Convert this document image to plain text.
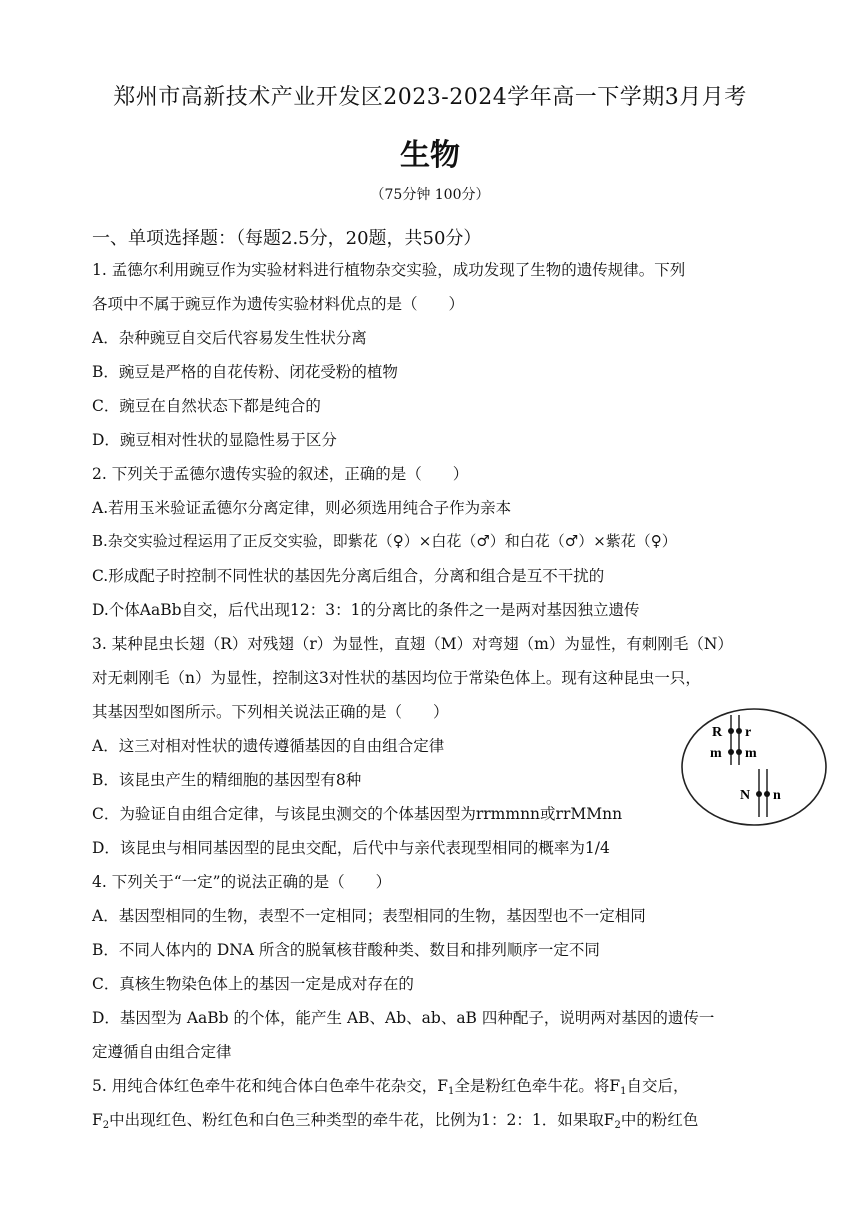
郑州市高新技术产业开发区2023-2024学年高一下学期3月月考
生物
（75分钟 100分）
一、单项选择题：（每题2.5分，20题，共50分）
1. 孟德尔利用豌豆作为实验材料进行植物杂交实验，成功发现了生物的遗传规律。下列
各项中不属于豌豆作为遗传实验材料优点的是（　　）
A．杂种豌豆自交后代容易发生性状分离
B．豌豆是严格的自花传粉、闭花受粉的植物
C．豌豆在自然状态下都是纯合的
D．豌豆相对性状的显隐性易于区分
2. 下列关于孟德尔遗传实验的叙述，正确的是（　　）
A.若用玉米验证孟德尔分离定律，则必须选用纯合子作为亲本
B.杂交实验过程运用了正反交实验，即紫花（♀）×白花（♂）和白花（♂）×紫花（♀）
C.形成配子时控制不同性状的基因先分离后组合，分离和组合是互不干扰的
D.个体AaBb自交，后代出现12：3：1的分离比的条件之一是两对基因独立遗传
3. 某种昆虫长翅（R）对残翅（r）为显性，直翅（M）对弯翅（m）为显性，有刺刚毛（N）
对无刺刚毛（n）为显性，控制这3对性状的基因均位于常染色体上。现有这种昆虫一只，
其基因型如图所示。下列相关说法正确的是（　　）
A．这三对相对性状的遗传遵循基因的自由组合定律
B．该昆虫产生的精细胞的基因型有8种
C．为验证自由组合定律，与该昆虫测交的个体基因型为rrmmnn或rrMMnn
D．该昆虫与相同基因型的昆虫交配，后代中与亲代表现型相同的概率为1/4
R r
m m
N n
4. 下列关于“一定”的说法正确的是（　　）
A．基因型相同的生物，表型不一定相同；表型相同的生物，基因型也不一定相同
B．不同人体内的 DNA 所含的脱氧核苷酸种类、数目和排列顺序一定不同
C．真核生物染色体上的基因一定是成对存在的
D．基因型为 AaBb 的个体，能产生 AB、Ab、ab、aB 四种配子，说明两对基因的遗传一
定遵循自由组合定律
5. 用纯合体红色牵牛花和纯合体白色牵牛花杂交，$F_1$全是粉红色牵牛花。将$F_1$自交后，
$F_2$中出现红色、粉红色和白色三种类型的牵牛花，比例为1：2：1．如果取$F_2$中的粉红色
